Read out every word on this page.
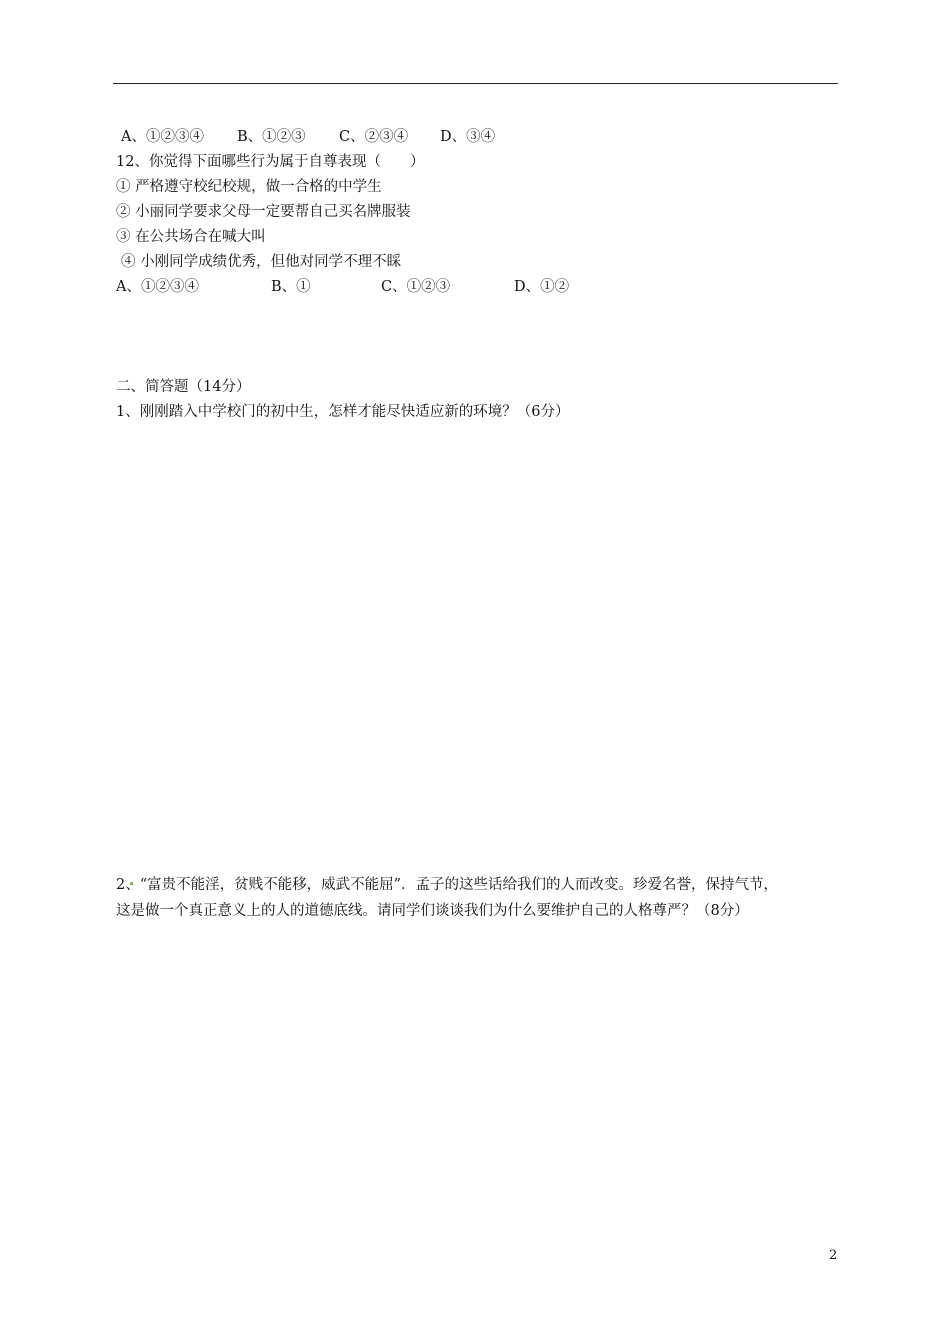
A、①②③④ B、①②③ C、②③④ D、③④
12、你觉得下面哪些行为属于自尊表现（　　）
① 严格遵守校纪校规，做一合格的中学生
② 小丽同学要求父母一定要帮自己买名牌服装
③ 在公共场合在喊大叫
④ 小刚同学成绩优秀，但他对同学不理不睬
A、①②③④	B、①	C、①②③	D、①②
二、简答题（14分）
1、刚刚踏入中学校门的初中生，怎样才能尽快适应新的环境？（6分）
2、“富贵不能淫，贫贱不能移，威武不能屈”．孟子的这些话给我们的人而改变。珍爱名誉，保持气节，
这是做一个真正意义上的人的道德底线。请同学们谈谈我们为什么要维护自己的人格尊严？（8分）
2
